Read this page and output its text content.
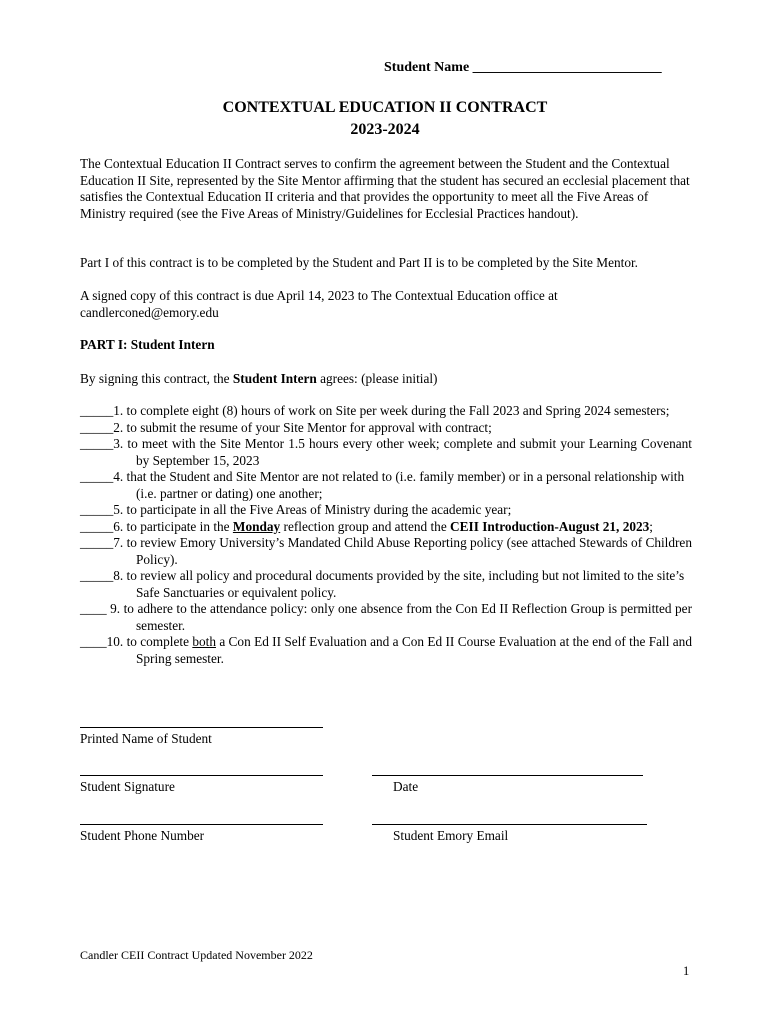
Student Name ___________________________
CONTEXTUAL EDUCATION II CONTRACT
2023-2024
The Contextual Education II Contract serves to confirm the agreement between the Student and the Contextual Education II Site, represented by the Site Mentor affirming that the student has secured an ecclesial placement that satisfies the Contextual Education II criteria and that provides the opportunity to meet all the Five Areas of Ministry required (see the Five Areas of Ministry/Guidelines for Ecclesial Practices handout).
Part I of this contract is to be completed by the Student and Part II is to be completed by the Site Mentor.
A signed copy of this contract is due April 14, 2023 to The Contextual Education office at candlerconed@emory.edu
PART I: Student Intern
By signing this contract, the Student Intern agrees: (please initial)

_____1. to complete eight (8) hours of work on Site per week during the Fall 2023 and Spring 2024 semesters;

_____2. to submit the resume of your Site Mentor for approval with contract;

_____3. to meet with the Site Mentor 1.5 hours every other week; complete and submit your Learning Covenant by September 15, 2023

_____4. that the Student and Site Mentor are not related to (i.e. family member) or in a personal relationship with (i.e. partner or dating) one another;

_____5. to participate in all the Five Areas of Ministry during the academic year;

_____6. to participate in the Monday reflection group and attend the CEII Introduction-August 21, 2023;

_____7. to review Emory University’s Mandated Child Abuse Reporting policy (see attached Stewards of Children Policy).

_____8. to review all policy and procedural documents provided by the site, including but not limited to the site’s Safe Sanctuaries or equivalent policy.

____ 9. to adhere to the attendance policy: only one absence from the Con Ed II Reflection Group is permitted per semester.

____10. to complete both a Con Ed II Self Evaluation and a Con Ed II Course Evaluation at the end of the Fall and Spring semester.

Printed Name of Student
Student Signature	Date
Student Phone Number	Student Emory Email
Candler CEII Contract Updated November 2022
1
